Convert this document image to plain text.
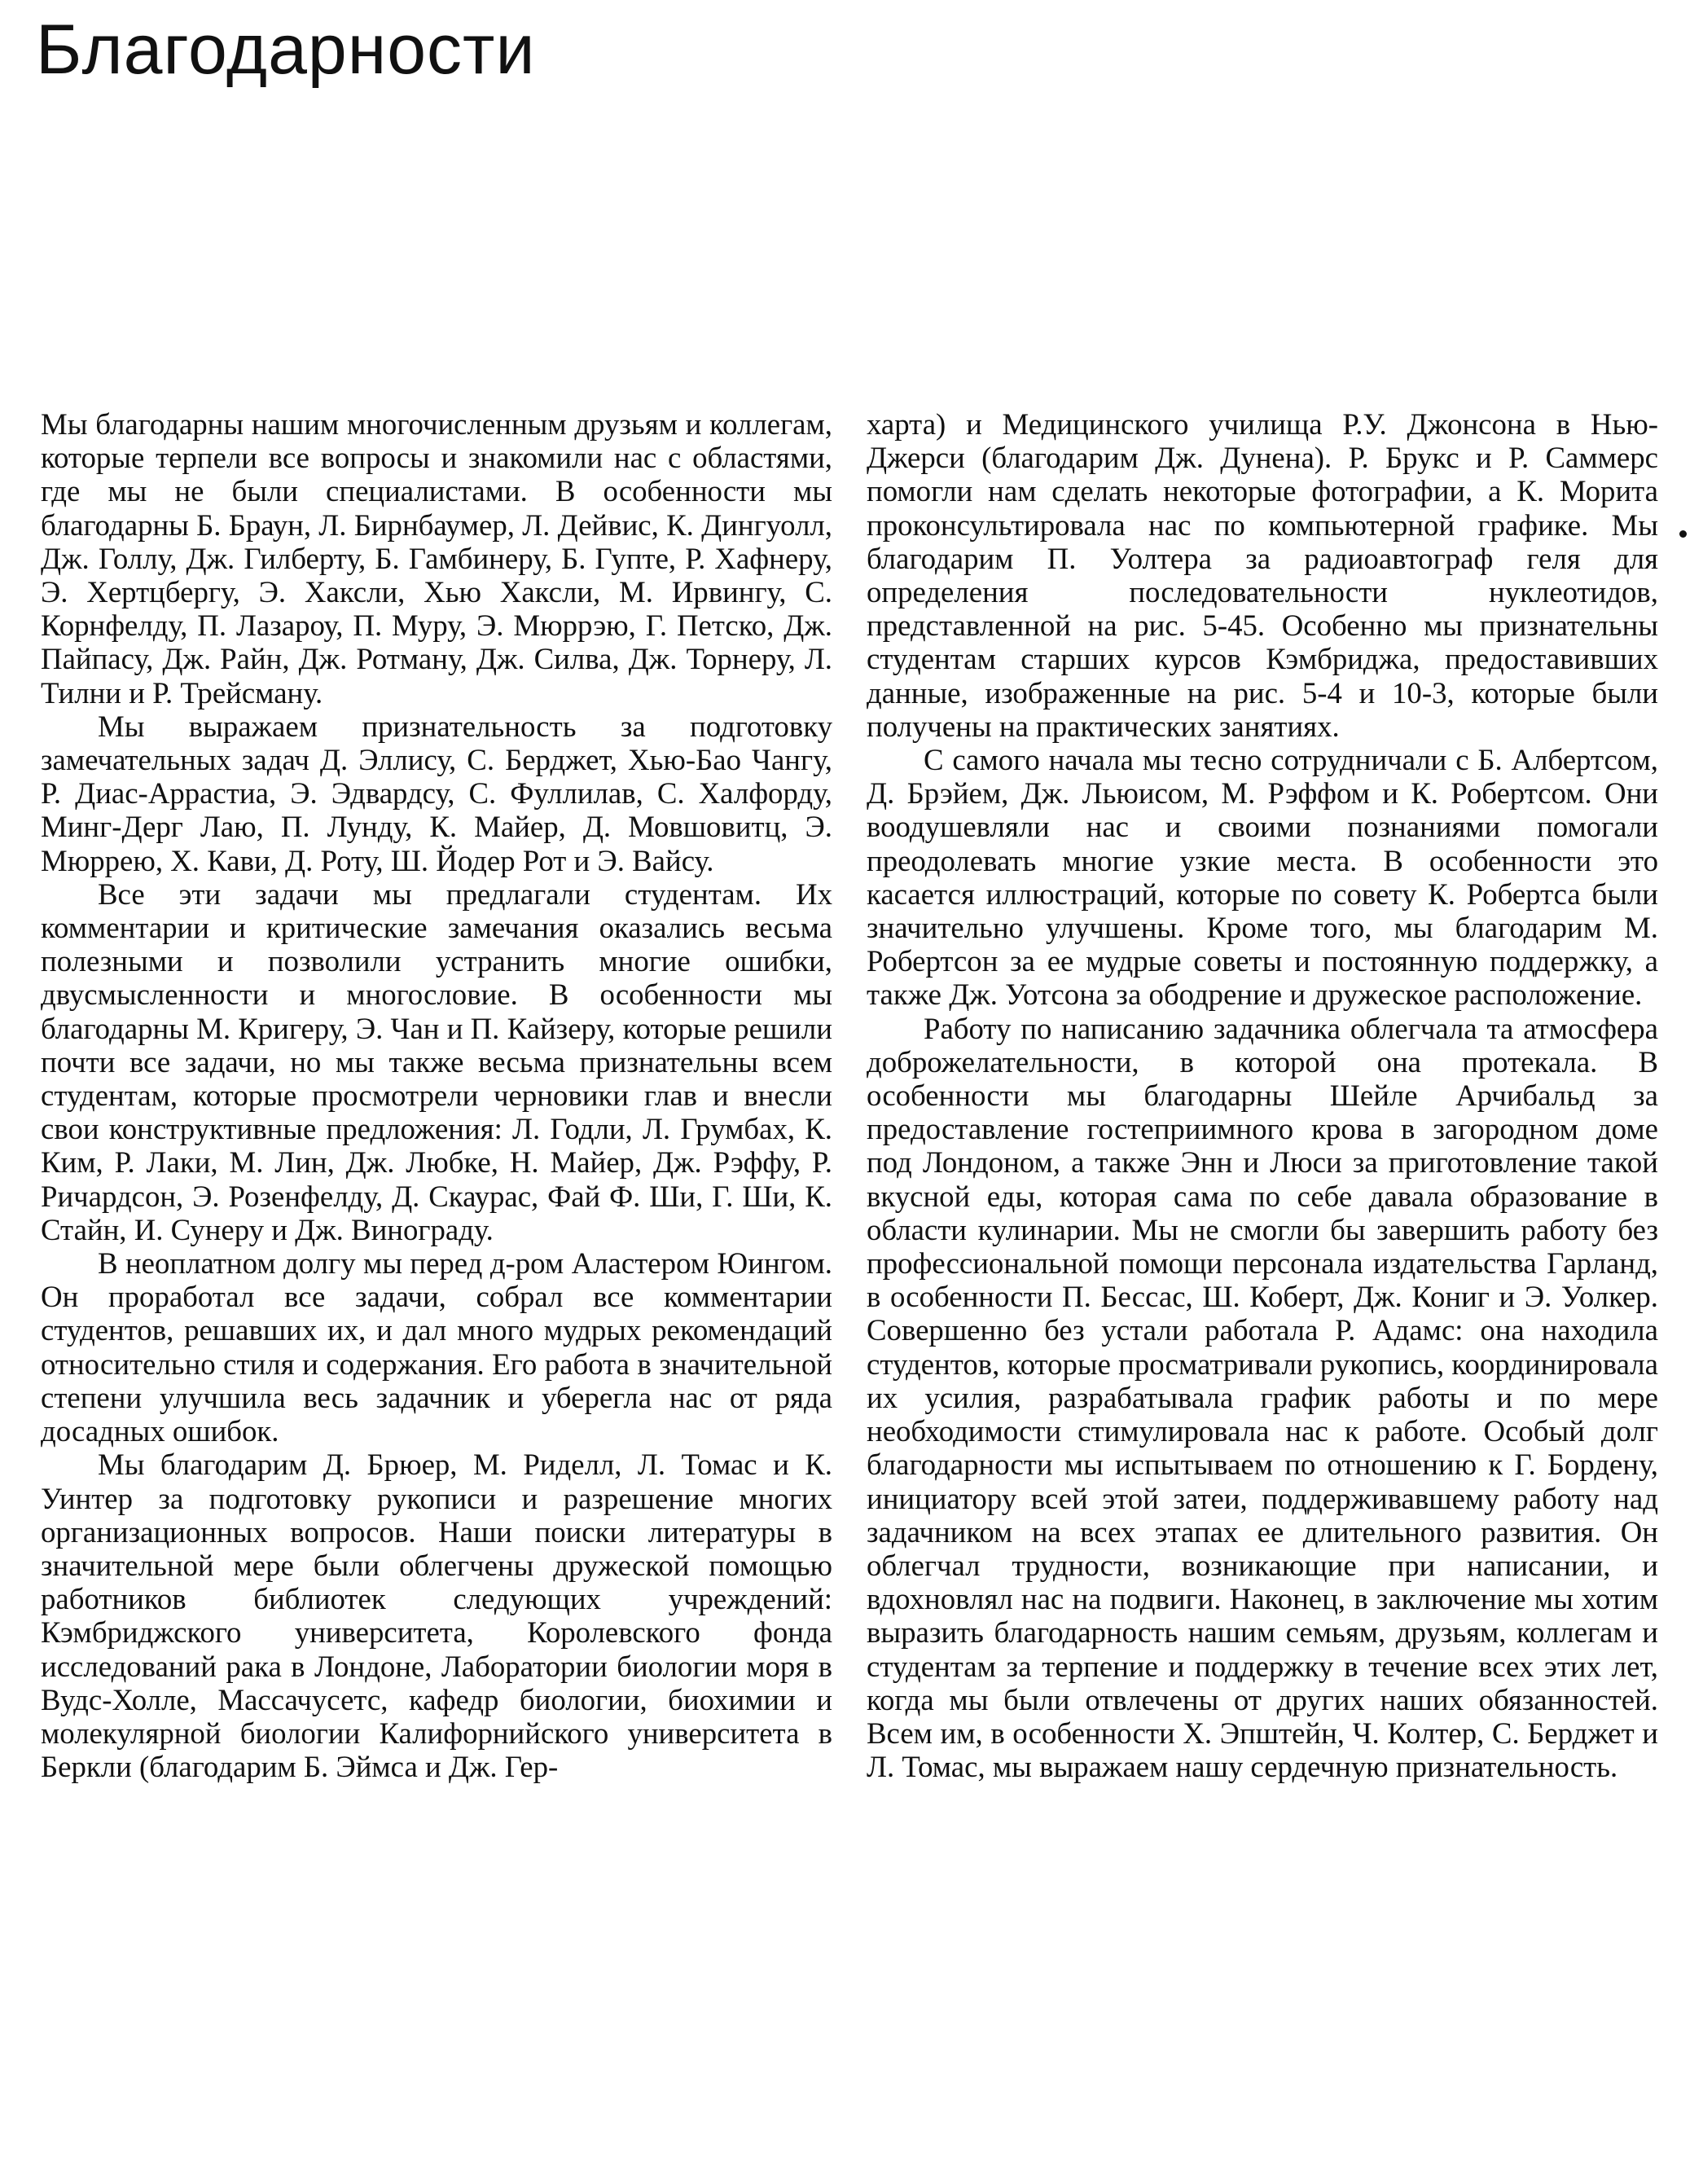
Благодарности

Мы благодарны нашим многочисленным друзьям и коллегам, которые терпели все вопросы и знакомили нас с областями, где мы не были специалистами. В особенности мы благодарны Б. Браун, Л. Бирнбаумер, Л. Дейвис, К. Дингуолл, Дж. Голлу, Дж. Гилберту, Б. Гамбинеру, Б. Гупте, Р. Хафнеру, Э. Хертцбергу, Э. Хаксли, Хью Хаксли, М. Ирвингу, С. Корнфелду, П. Лазароу, П. Муру, Э. Мюррэю, Г. Петско, Дж. Пайпасу, Дж. Райн, Дж. Ротману, Дж. Силва, Дж. Торнеру, Л. Тилни и Р. Трейсману.

Мы выражаем признательность за подготовку замечательных задач Д. Эллису, С. Берджет, Хью-Бао Чангу, Р. Диас-Аррастиа, Э. Эдвардсу, С. Фуллилав, С. Халфорду, Минг-Дерг Лаю, П. Лунду, К. Майер, Д. Мовшовитц, Э. Мюррею, Х. Кави, Д. Роту, Ш. Йодер Рот и Э. Вайсу.

Все эти задачи мы предлагали студентам. Их комментарии и критические замечания оказались весьма полезными и позволили устранить многие ошибки, двусмысленности и многословие. В особенности мы благодарны М. Кригеру, Э. Чан и П. Кайзеру, которые решили почти все задачи, но мы также весьма признательны всем студентам, которые просмотрели черновики глав и внесли свои конструктивные предложения: Л. Годли, Л. Грумбах, К. Ким, Р. Лаки, М. Лин, Дж. Любке, Н. Майер, Дж. Рэффу, Р. Ричардсон, Э. Розенфелду, Д. Скаурас, Фай Ф. Ши, Г. Ши, К. Стайн, И. Сунеру и Дж. Винограду.

В неоплатном долгу мы перед д-ром Аластером Юингом. Он проработал все задачи, собрал все комментарии студентов, решавших их, и дал много мудрых рекомендаций относительно стиля и содержания. Его работа в значительной степени улучшила весь задачник и уберегла нас от ряда досадных ошибок.

Мы благодарим Д. Брюер, М. Риделл, Л. Томас и К. Уинтер за подготовку рукописи и разрешение многих организационных вопросов. Наши поиски литературы в значительной мере были облегчены дружеской помощью работников библиотек следующих учреждений: Кэмбриджского университета, Королевского фонда исследований рака в Лондоне, Лаборатории биологии моря в Вудс-Холле, Массачусетс, кафедр биологии, биохимии и молекулярной биологии Калифорнийского университета в Беркли (благодарим Б. Эймса и Дж. Гер-

харта) и Медицинского училища Р.У. Джонсона в Нью-Джерси (благодарим Дж. Дунена). Р. Брукс и Р. Саммерс помогли нам сделать некоторые фотографии, а К. Морита проконсультировала нас по компьютерной графике. Мы благодарим П. Уолтера за радиоавтограф геля для определения последовательности нуклеотидов, представленной на рис. 5-45. Особенно мы признательны студентам старших курсов Кэмбриджа, предоставивших данные, изображенные на рис. 5-4 и 10-3, которые были получены на практических занятиях.

С самого начала мы тесно сотрудничали с Б. Албертсом, Д. Брэйем, Дж. Льюисом, М. Рэффом и К. Робертсом. Они воодушевляли нас и своими познаниями помогали преодолевать многие узкие места. В особенности это касается иллюстраций, которые по совету К. Робертса были значительно улучшены. Кроме того, мы благодарим М. Робертсон за ее мудрые советы и постоянную поддержку, а также Дж. Уотсона за ободрение и дружеское расположение.

Работу по написанию задачника облегчала та атмосфера доброжелательности, в которой она протекала. В особенности мы благодарны Шейле Арчибальд за предоставление гостеприимного крова в загородном доме под Лондоном, а также Энн и Люси за приготовление такой вкусной еды, которая сама по себе давала образование в области кулинарии. Мы не смогли бы завершить работу без профессиональной помощи персонала издательства Гарланд, в особенности П. Бессас, Ш. Коберт, Дж. Кониг и Э. Уолкер. Совершенно без устали работала Р. Адамс: она находила студентов, которые просматривали рукопись, координировала их усилия, разрабатывала график работы и по мере необходимости стимулировала нас к работе. Особый долг благодарности мы испытываем по отношению к Г. Бордену, инициатору всей этой затеи, поддерживавшему работу над задачником на всех этапах ее длительного развития. Он облегчал трудности, возникающие при написании, и вдохновлял нас на подвиги. Наконец, в заключение мы хотим выразить благодарность нашим семьям, друзьям, коллегам и студентам за терпение и поддержку в течение всех этих лет, когда мы были отвлечены от других наших обязанностей. Всем им, в особенности Х. Эпштейн, Ч. Колтер, С. Берджет и Л. Томас, мы выражаем нашу сердечную признательность.
